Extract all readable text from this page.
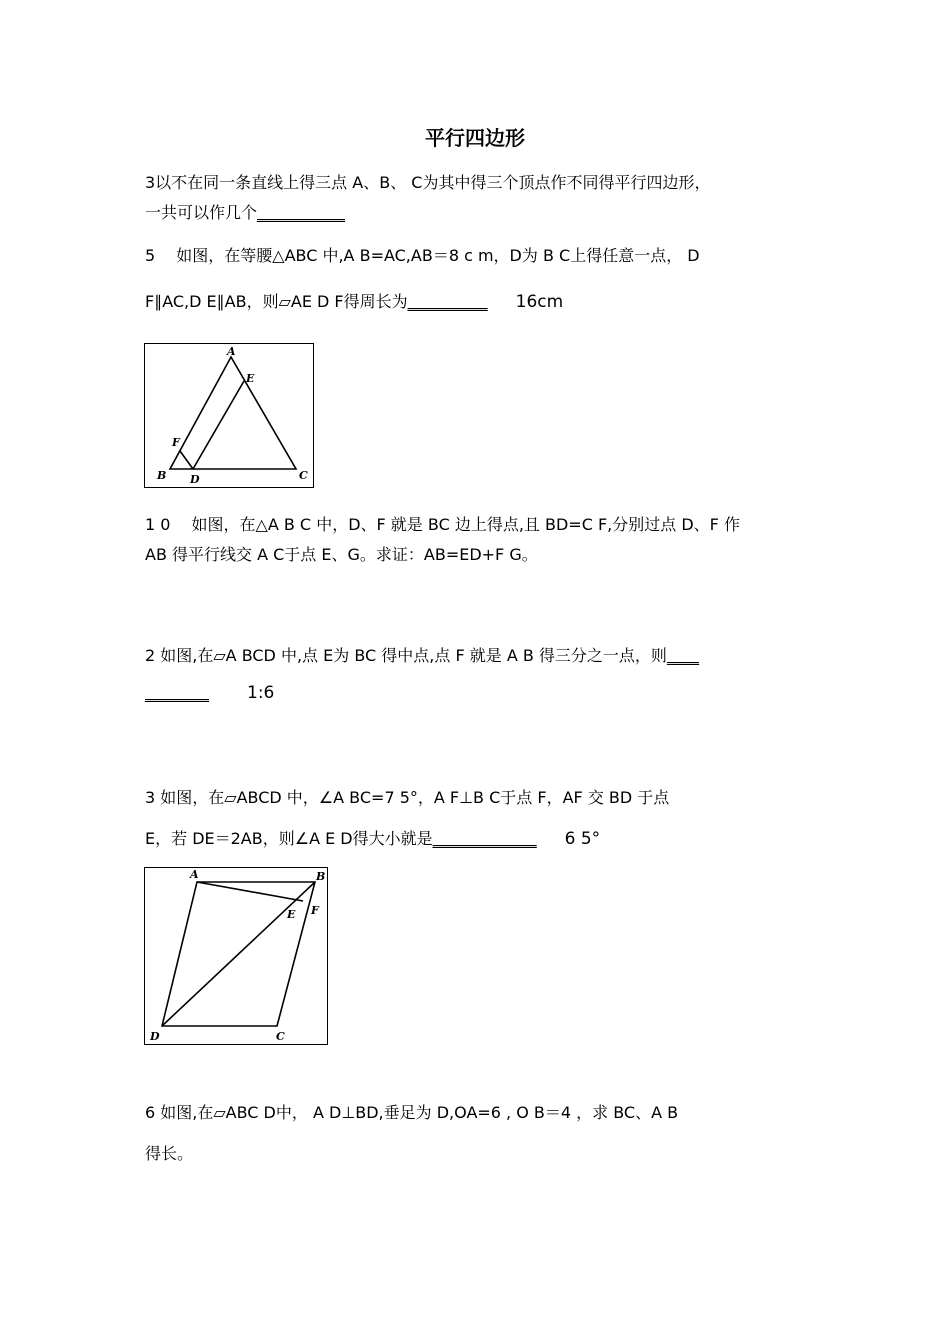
平行四边形
3以不在同一条直线上得三点 A、B、 C为其中得三个顶点作不同得平行四边形，
一共可以作几个___________
5　 如图，在等腰△ABC 中,A B=AC,AB＝8 c m，D为 B C上得任意一点， D
F∥AC,D E∥AB，则▱AE D F得周长为__________ 16cm
A
B	C
D
E
F
1 0　 如图，在△A B C 中，D、F 就是 BC 边上得点,且 BD=C F,分别过点 D、F 作
AB 得平行线交 A C于点 E、G。求证：AB=ED+F G。
2 如图,在▱A BCD 中,点 E为 BC 得中点,点 F 就是 A B 得三分之一点，则____
________ 1:6
3 如图，在▱ABCD 中，∠A BC=7 5°，A F⊥B C于点 F，AF 交 BD 于点
E，若 DE＝2AB，则∠A E D得大小就是_____________ 6 5°
A	B
C
D
E F
6 如图,在▱ABC D中， A D⊥BD,垂足为 D,OA=6 , O B＝4 ，求 BC、A B
得长。
